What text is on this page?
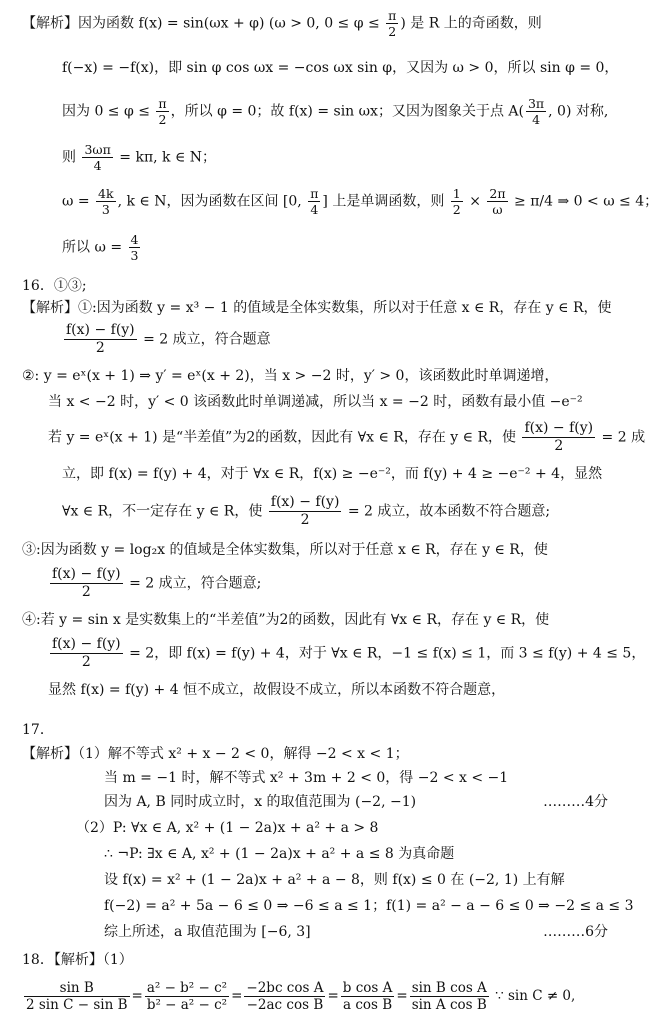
【解析】因为函数 f(x) = sin(ωx + φ) (ω > 0, $0 \le \varphi \le \frac{\pi}{2}$ ) 是 R 上的奇函数，则
f(−x) = −f(x)，即 sin φ cos ωx = −cos ωx sin φ，又因为 ω > 0，所以 sin φ = 0，
因为 $0 \le \varphi \le \frac{\pi}{2}$ ，所以 φ = 0；故 f(x) = sin ωx；又因为图象关于点 $A( \frac{3\pi}{4}$ , 0) 对称,
则 $\frac{3\omega\pi}{4} = k\pi$, k ∈ N；
$\omega = \frac{4k}{3}$ , k ∈ N，因为函数在区间 [0, $\frac{\pi}{4}$ ] 上是单调函数，则 $\frac{1}{2} \times \frac{2\pi}{\omega} \ge \pi/4$ ⇒ 0 < ω ≤ 4；
所以 $\omega = \frac{4}{3}$
16．①③;
【解析】①:因为函数 y = x³ − 1 的值域是全体实数集，所以对于任意 x ∈ R，存在 y ∈ R，使
$\frac{f(x) - f(y)}{2} = 2$ 成立，符合题意
②: y = eˣ(x + 1) ⇒ y′ = eˣ(x + 2)，当 x > −2 时，y′ > 0，该函数此时单调递增，
当 x < −2 时，y′ < 0 该函数此时单调递减，所以当 x = −2 时，函数有最小值 −e⁻²
若 y = eˣ(x + 1) 是“半差值”为2的函数，因此有 ∀x ∈ R，存在 y ∈ R，使 $\frac{f(x) - f(y)}{2} = 2$ 成
立，即 f(x) = f(y) + 4，对于 ∀x ∈ R，f(x) ≥ −e⁻²，而 f(y) + 4 ≥ −e⁻² + 4，显然
∀x ∈ R，不一定存在 y ∈ R，使 $\frac{f(x) - f(y)}{2} = 2$ 成立，故本函数不符合题意;
③:因为函数 y = log₂x 的值域是全体实数集，所以对于任意 x ∈ R，存在 y ∈ R，使
$\frac{f(x) - f(y)}{2} = 2$ 成立，符合题意;
④:若 y = sin x 是实数集上的“半差值”为2的函数，因此有 ∀x ∈ R，存在 y ∈ R，使
$\frac{f(x) - f(y)}{2} = 2$，即 f(x) = f(y) + 4，对于 ∀x ∈ R，−1 ≤ f(x) ≤ 1，而 3 ≤ f(y) + 4 ≤ 5，
显然 f(x) = f(y) + 4 恒不成立，故假设不成立，所以本函数不符合题意，
17．
【解析】（1）解不等式 x² + x − 2 < 0，解得 −2 < x < 1；
当 m = −1 时，解不等式 x² + 3m + 2 < 0，得 −2 < x < −1
因为 A, B 同时成立时，x 的取值范围为 (−2, −1)	………4分
（2）P: ∀x ∈ A, x² + (1 − 2a)x + a² + a > 8
∴ ¬P: ∃x ∈ A, x² + (1 − 2a)x + a² + a ≤ 8 为真命题
设 f(x) = x² + (1 − 2a)x + a² + a − 8，则 f(x) ≤ 0 在 (−2, 1) 上有解
f(−2) = a² + 5a − 6 ≤ 0 ⇒ −6 ≤ a ≤ 1；f(1) = a² − a − 6 ≤ 0 ⇒ −2 ≤ a ≤ 3
综上所述，a 取值范围为 [−6, 3]	………6分
18．【解析】（1）
$\frac{\text{sin B}}{\text{2 sin C − sin B}} = \frac{\text{a² − b² − c²}}{\text{b² − a² − c²}} = \frac{\text{−2bc cos A}}{\text{−2ac cos B}} = \frac{\text{b cos A}}{\text{a cos B}} = \frac{\text{sin B cos A}}{\text{sin A cos B}}$ ∵ sin C ≠ 0,
